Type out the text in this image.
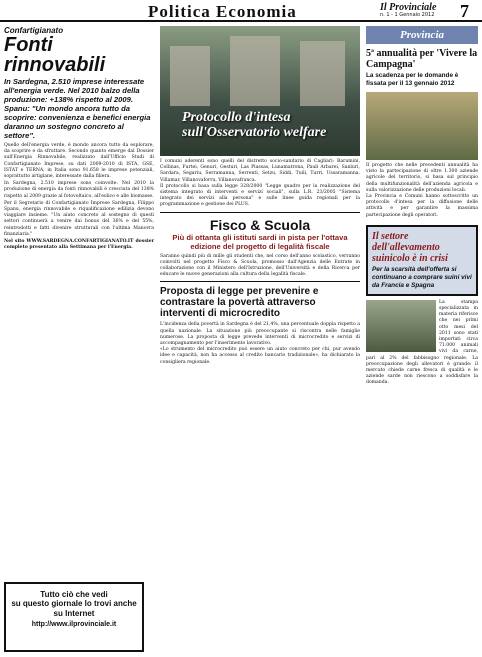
Politica Economia	Il Provinciale
n. 1 - 1 Gennaio 2012 7
Confartigianato
Fonti rinnovabili
In Sardegna, 2.510 imprese interessate all'energia verde. Nel 2010 balzo della produzione: +138% rispetto al 2009. Spanu: "Un mondo ancora tutto da scoprire: convenienza e benefici energia daranno un sostegno concreto al settore".

Quello dell'energia verde, è mondo ancora tutto da esplorare, da scoprire e da sfruttare. Secondo quanto emerge dal Dossier sull'Energia Rinnovabile, realizzato dall'Ufficio Studi di Confartigianato Imprese, su dati 2009-2010 di ISTA, GSE, ISTAT e TERNA, in Italia sono 91.658 le imprese potenziali, soprattutto artigiane, interessate dalla filiera.

In Sardegna, 2.510 imprese sono coinvolte. Nel 2010 la produzione di energia da fonti rinnovabili è cresciuta del 138% rispetto al 2009 grazie al fotovoltaico, all'eolico e alle biomasse.

Per il Segretario di Confartigianato Imprese Sardegna, Filippo Spanu, energia rinnovabile e riqualificazione edilizia devono viaggiare insieme. "Un aiuto concreto al sostegno di questi settori continuerà a venire dai bonus del 36% e del 55%, reintrodotti e fatti divenire strutturali con l'ultima Manovra finanziaria."

Nel sito WWW.SARDEGNA.CONFARTIGIANATO.IT dossier completo presentato alla Settimana per l'Energia.

Tutto ciò che vedi
su questo giornale lo trovi anche su Internet
http://www.ilprovinciale.it
Protocollo d'intesa sull'Osservatorio welfare

I comuni aderenti sono quelli del distretto socio-sanitario di Cagliari: Barumini, Collinas, Furtei, Genuri, Gesturi, Las Plassas, Lunamatrona, Pauli Arbarei, Sanluri, Sardara, Segariu, Serramanna, Serrenti, Setzu, Siddi, Tuili, Turri, Ussaramanna, Villamar, Villanovaforru, Villanovafranca.

Il protocollo si basa sulla legge 328/2000 "Legge quadro per la realizzazione del sistema integrato di interventi e servizi sociali", sulla L.R. 23/2005 "Sistema integrato dei servizi alla persona" e sulle linee guida regionali per la programmazione e gestione dei PLUS.

Fisco & Scuola
Più di ottanta gli istituti sardi in pista per l'ottava edizione del progetto di legalità fiscale
Saranno quindi più di mille gli studenti che, nel corso dell'anno scolastico, verranno coinvolti nel progetto Fisco & Scuola, promosso dall'Agenzia delle Entrate in collaborazione con il Ministero dell'Istruzione, dell'Università e della Ricerca per educare le nuove generazioni alla cultura della legalità fiscale.
Proposta di legge per prevenire e contrastare la povertà attraverso interventi di microcredito

L'incidenza della povertà in Sardegna è del 21,4%, una percentuale doppia rispetto a quella nazionale. La situazione più preoccupante si riscontra nelle famiglie numerose. La proposta di legge prevede interventi di microcredito e servizi di accompagnamento per l'inserimento lavorativo.

«Lo strumento del microcredito può essere un aiuto concreto per chi, pur avendo idee e capacità, non ha accesso al credito bancario tradizionale», ha dichiarato la consigliera regionale.

Provincia
5ª annualità per 'Vivere la Campagna'
La scadenza per le domande è fissata per il 13 gennaio 2012

Il progetto che nelle precedenti annualità ha visto la partecipazione di oltre 1.300 aziende agricole del territorio, si basa sul principio della multifunzionalità dell'azienda agricola e sulla valorizzazione delle produzioni locali.

La Provincia e Comuni hanno sottoscritto un protocollo d'intesa per la diffusione delle attività e per garantire la massima partecipazione degli operatori.

Il settore dell'allevamento suinicolo è in crisi
Per la scarsità dell'offerta si continuano a comprare suini vivi da Francia e Spagna

La stampa specializzata in materia riferisce che nei primi otto mesi del 2011 sono stati importati circa 71.000 animali vivi da carne, pari al 2% del fabbisogno regionale. La preoccupazione degli allevatori è grande: il mercato chiede carne fresca di qualità e le aziende sarde non riescono a soddisfare la domanda.
